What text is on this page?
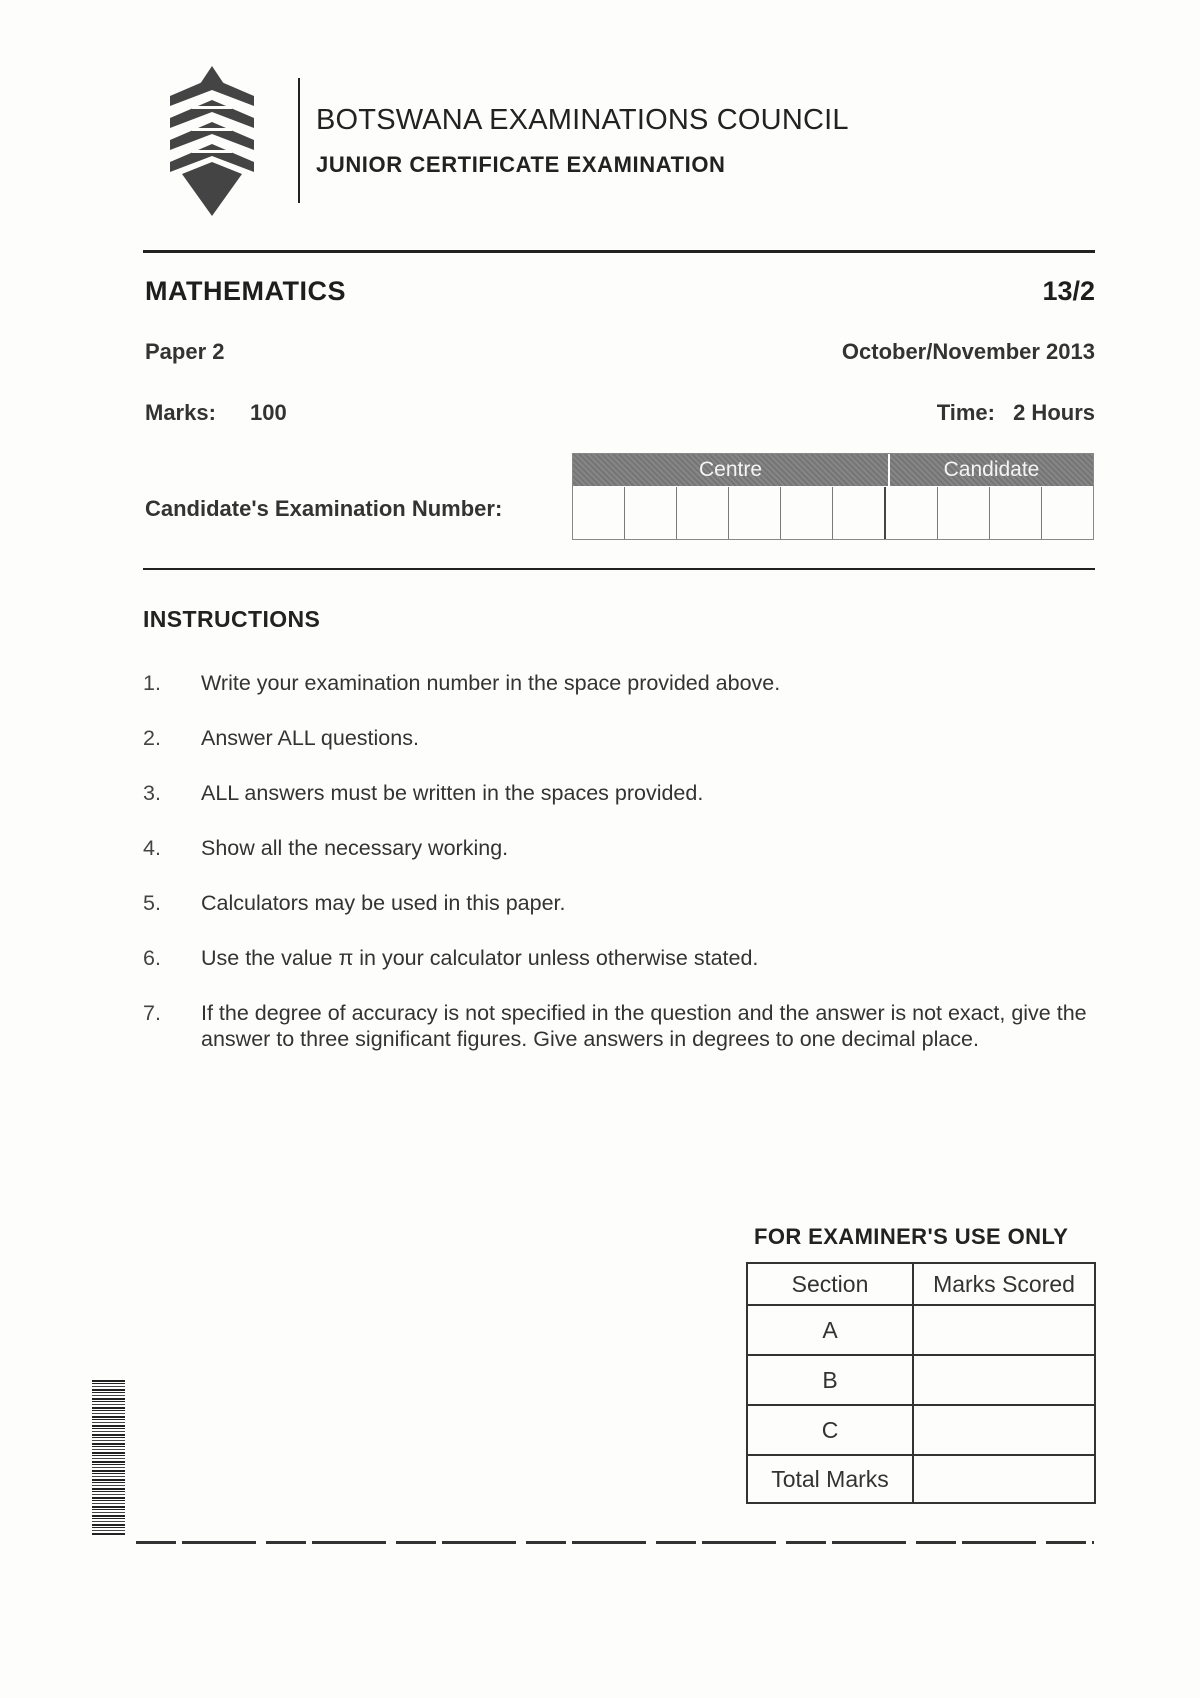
BOTSWANA EXAMINATIONS COUNCIL
JUNIOR CERTIFICATE EXAMINATION
MATHEMATICS	13/2
Paper 2	October/November 2013
Marks: 100	Time: 2 Hours
Candidate's Examination Number:
Centre	Candidate
INSTRUCTIONS
1.	Write your examination number in the space provided above.
2.	Answer ALL questions.
3.	ALL answers must be written in the spaces provided.
4.	Show all the necessary working.
5.	Calculators may be used in this paper.
6.	Use the value π in your calculator unless otherwise stated.
7.	If the degree of accuracy is not specified in the question and the answer is not exact, give the answer to three significant figures. Give answers in degrees to one decimal place.
FOR EXAMINER'S USE ONLY
Section	Marks Scored
A	
B	
C	
Total Marks	
